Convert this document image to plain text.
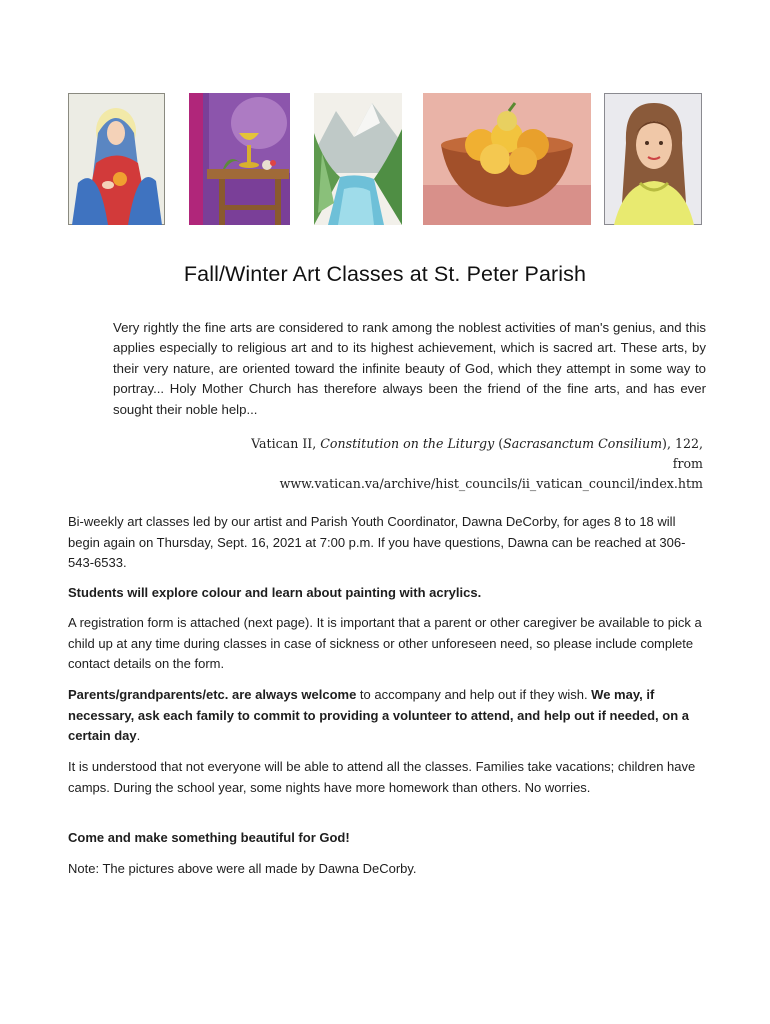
Fall/Winter Art Classes at St. Peter Parish
Very rightly the fine arts are considered to rank among the noblest activities of man's genius, and this applies especially to religious art and to its highest achievement, which is sacred art. These arts, by their very nature, are oriented toward the infinite beauty of God, which they attempt in some way to portray... Holy Mother Church has therefore always been the friend of the fine arts, and has ever sought their noble help...
Vatican II, Constitution on the Liturgy (Sacrasanctum Consilium), 122, from
www.vatican.va/archive/hist_councils/ii_vatican_council/index.htm
Bi-weekly art classes led by our artist and Parish Youth Coordinator, Dawna DeCorby, for ages 8 to 18 will begin again on Thursday, Sept. 16, 2021 at 7:00 p.m. If you have questions, Dawna can be reached at 306-543-6533.
Students will explore colour and learn about painting with acrylics.
A registration form is attached (next page). It is important that a parent or other caregiver be available to pick a child up at any time during classes in case of sickness or other unforeseen need, so please include complete contact details on the form.
Parents/grandparents/etc. are always welcome to accompany and help out if they wish. We may, if necessary, ask each family to commit to providing a volunteer to attend, and help out if needed, on a certain day.
It is understood that not everyone will be able to attend all the classes. Families take vacations; children have camps. During the school year, some nights have more homework than others. No worries.
Come and make something beautiful for God!
Note: The pictures above were all made by Dawna DeCorby.
